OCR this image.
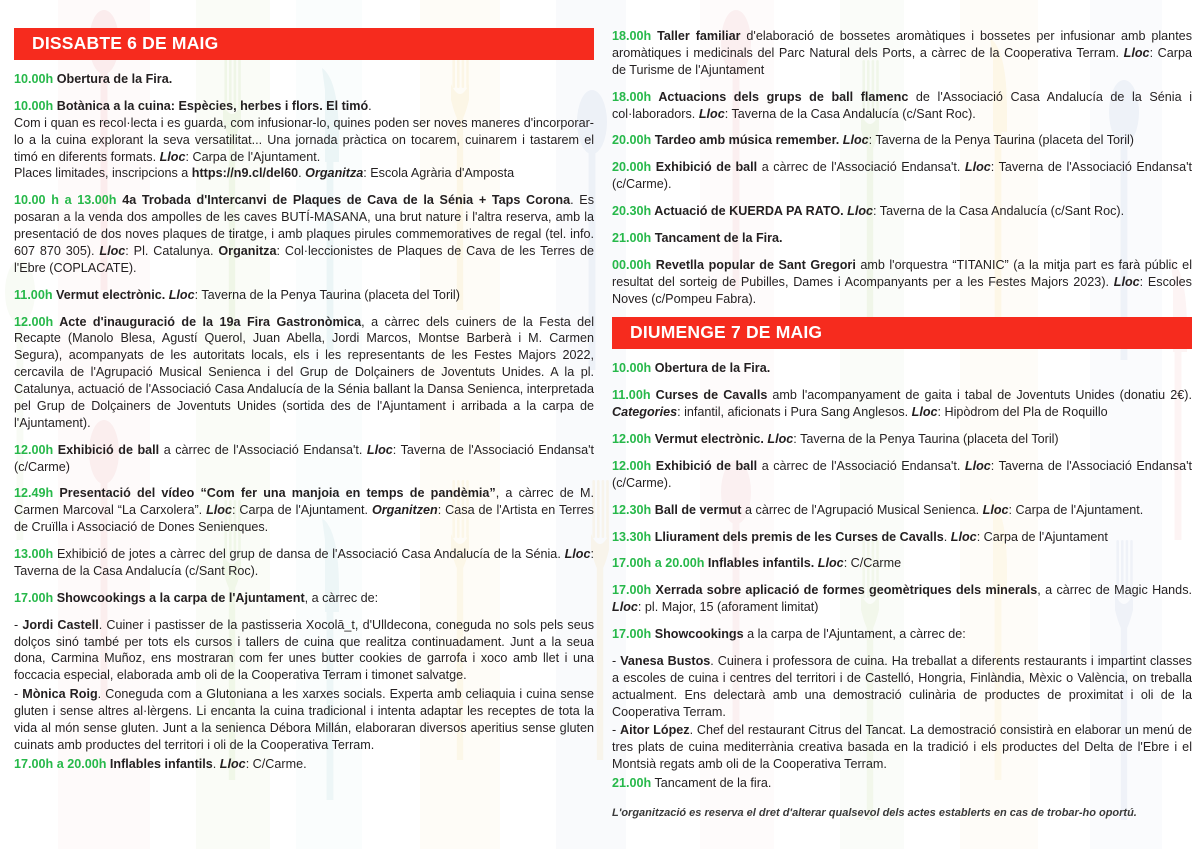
DISSABTE 6 DE MAIG
10.00h Obertura de la Fira.
10.00h Botànica a la cuina: Espècies, herbes i flors. El timó.
Com i quan es recol·lecta i es guarda, com infusionar-lo, quines poden ser noves maneres d'incorporar-lo a la cuina explorant la seva versatilitat... Una jornada pràctica on tocarem, cuinarem i tastarem el timó en diferents formats. Lloc: Carpa de l'Ajuntament.
Places limitades, inscripcions a https://n9.cl/del60. Organitza: Escola Agrària d'Amposta
10.00 h a 13.00h 4a Trobada d'Intercanvi de Plaques de Cava de la Sénia + Taps Corona. Es posaran a la venda dos ampolles de les caves BUTÍ-MASANA, una brut nature i l'altra reserva, amb la presentació de dos noves plaques de tiratge, i amb plaques pirules commemoratives de regal (tel. info. 607 870 305). Lloc: Pl. Catalunya. Organitza: Col·leccionistes de Plaques de Cava de les Terres de l'Ebre (COPLACATE).
11.00h Vermut electrònic. Lloc: Taverna de la Penya Taurina (placeta del Toril)
12.00h Acte d'inauguració de la 19a Fira Gastronòmica, a càrrec dels cuiners de la Festa del Recapte (Manolo Blesa, Agustí Querol, Juan Abella, Jordi Marcos, Montse Barberà i M. Carmen Segura), acompanyats de les autoritats locals, els i les representants de les Festes Majors 2022, cercavila de l'Agrupació Musical Senienca i del Grup de Dolçainers de Joventuts Unides. A la pl. Catalunya, actuació de l'Associació Casa Andalucía de la Sénia ballant la Dansa Senienca, interpretada pel Grup de Dolçainers de Joventuts Unides (sortida des de l'Ajuntament i arribada a la carpa de l'Ajuntament).
12.00h Exhibició de ball a càrrec de l'Associació Endansa't. Lloc: Taverna de l'Associació Endansa't (c/Carme)
12.49h Presentació del vídeo “Com fer una manjoia en temps de pandèmia”, a càrrec de M. Carmen Marcoval “La Carxolera”. Lloc: Carpa de l'Ajuntament. Organitzen: Casa de l'Artista en Terres de Cruïlla i Associació de Dones Senienques.
13.00h Exhibició de jotes a càrrec del grup de dansa de l'Associació Casa Andalucía de la Sénia. Lloc: Taverna de la Casa Andalucía (c/Sant Roc).
17.00h Showcookings a la carpa de l'Ajuntament, a càrrec de:
- Jordi Castell. Cuiner i pastisser de la pastisseria Xocolā_t, d'Ulldecona, coneguda no sols pels seus dolços sinó també per tots els cursos i tallers de cuina que realitza continuadament. Junt a la seua dona, Carmina Muñoz, ens mostraran com fer unes butter cookies de garrofa i xoco amb llet i una foccacia especial, elaborada amb oli de la Cooperativa Terram i timonet salvatge.
- Mònica Roig. Coneguda com a Glutoniana a les xarxes socials. Experta amb celiaquia i cuina sense gluten i sense altres al·lèrgens. Li encanta la cuina tradicional i intenta adaptar les receptes de tota la vida al món sense gluten. Junt a la senienca Débora Millán, elaboraran diversos aperitius sense gluten cuinats amb productes del territori i oli de la Cooperativa Terram.
17.00h a 20.00h Inflables infantils. Lloc: C/Carme.
18.00h Taller familiar d'elaboració de bossetes aromàtiques i bossetes per infusionar amb plantes aromàtiques i medicinals del Parc Natural dels Ports, a càrrec de la Cooperativa Terram. Lloc: Carpa de Turisme de l'Ajuntament
18.00h Actuacions dels grups de ball flamenc de l'Associació Casa Andalucía de la Sénia i col·laboradors. Lloc: Taverna de la Casa Andalucía (c/Sant Roc).
20.00h Tardeo amb música remember. Lloc: Taverna de la Penya Taurina (placeta del Toril)
20.00h Exhibició de ball a càrrec de l'Associació Endansa't. Lloc: Taverna de l'Associació Endansa't (c/Carme).
20.30h Actuació de KUERDA PA RATO. Lloc: Taverna de la Casa Andalucía (c/Sant Roc).
21.00h Tancament de la Fira.
00.00h Revetlla popular de Sant Gregori amb l'orquestra “TITANIC” (a la mitja part es farà públic el resultat del sorteig de Pubilles, Dames i Acompanyants per a les Festes Majors 2023). Lloc: Escoles Noves (c/Pompeu Fabra).
DIUMENGE 7 DE MAIG
10.00h Obertura de la Fira.
11.00h Curses de Cavalls amb l'acompanyament de gaita i tabal de Joventuts Unides (donatiu 2€). Categories: infantil, aficionats i Pura Sang Anglesos. Lloc: Hipòdrom del Pla de Roquillo
12.00h Vermut electrònic. Lloc: Taverna de la Penya Taurina (placeta del Toril)
12.00h Exhibició de ball a càrrec de l'Associació Endansa't. Lloc: Taverna de l'Associació Endansa't (c/Carme).
12.30h Ball de vermut a càrrec de l'Agrupació Musical Senienca. Lloc: Carpa de l'Ajuntament.
13.30h Lliurament dels premis de les Curses de Cavalls. Lloc: Carpa de l'Ajuntament
17.00h a 20.00h Inflables infantils. Lloc: C/Carme
17.00h Xerrada sobre aplicació de formes geomètriques dels minerals, a càrrec de Magic Hands. Lloc: pl. Major, 15 (aforament limitat)
17.00h Showcookings a la carpa de l'Ajuntament, a càrrec de:
- Vanesa Bustos. Cuinera i professora de cuina. Ha treballat a diferents restaurants i impartint classes a escoles de cuina i centres del territori i de Castelló, Hongria, Finlàndia, Mèxic o València, on treballa actualment. Ens delectarà amb una demostració culinària de productes de proximitat i oli de la Cooperativa Terram.
- Aitor López. Chef del restaurant Citrus del Tancat. La demostració consistirà en elaborar un menú de tres plats de cuina mediterrània creativa basada en la tradició i els productes del Delta de l'Ebre i el Montsià regats amb oli de la Cooperativa Terram.
21.00h Tancament de la fira.
L'organització es reserva el dret d'alterar qualsevol dels actes establerts en cas de trobar-ho oportú.
